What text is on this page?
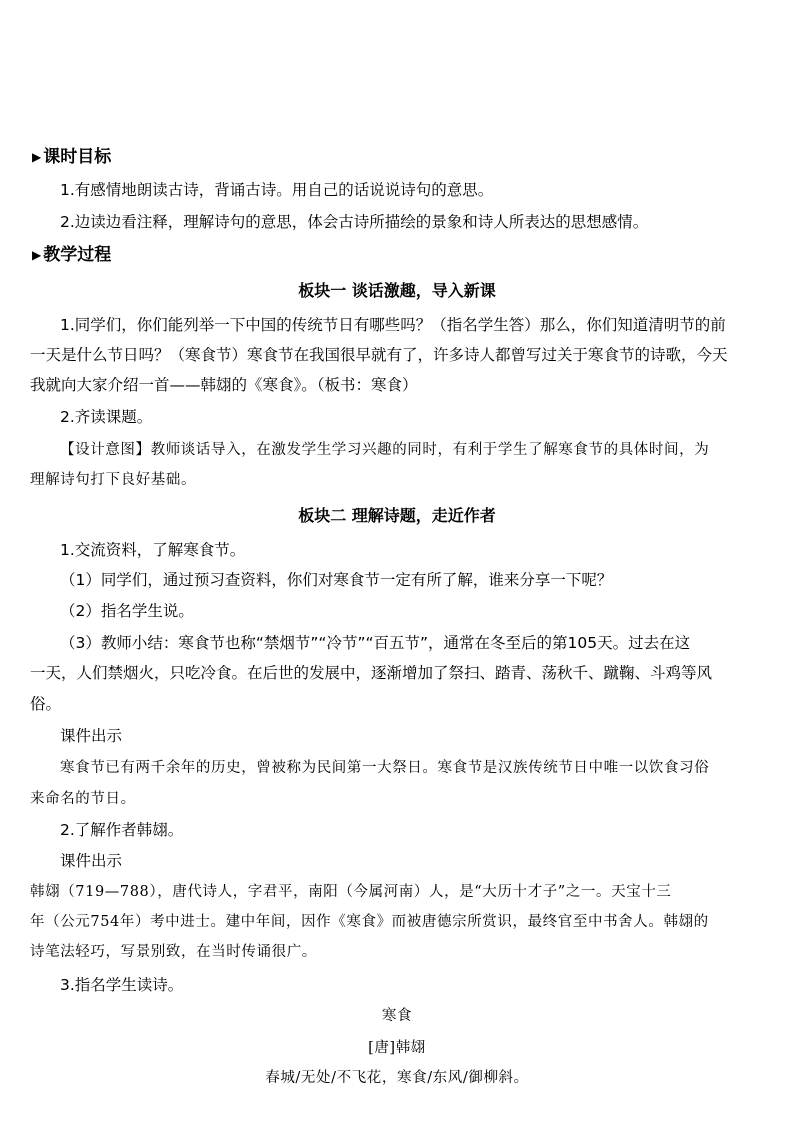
▶ 课时目标
1.有感情地朗读古诗，背诵古诗。用自己的话说说诗句的意思。
2.边读边看注释，理解诗句的意思，体会古诗所描绘的景象和诗人所表达的思想感情。
▶ 教学过程
板块一 谈话激趣，导入新课
1.同学们，你们能列举一下中国的传统节日有哪些吗？（指名学生答）那么，你们知道清明节的前
一天是什么节日吗？（寒食节）寒食节在我国很早就有了，许多诗人都曾写过关于寒食节的诗歌，今天
我就向大家介绍一首——韩翃的《寒食》。（板书：寒食）
2.齐读课题。
【设计意图】教师谈话导入，在激发学生学习兴趣的同时，有利于学生了解寒食节的具体时间，为
理解诗句打下良好基础。
板块二 理解诗题，走近作者
1.交流资料，了解寒食节。
（1）同学们，通过预习查资料，你们对寒食节一定有所了解，谁来分享一下呢？
（2）指名学生说。
（3）教师小结：寒食节也称“禁烟节”“冷节”“百五节”，通常在冬至后的第105天。过去在这
一天，人们禁烟火，只吃冷食。在后世的发展中，逐渐增加了祭扫、踏青、荡秋千、蹴鞠、斗鸡等风
俗。
课件出示
寒食节已有两千余年的历史，曾被称为民间第一大祭日。寒食节是汉族传统节日中唯一以饮食习俗
来命名的节日。
2.了解作者韩翃。
课件出示
韩翃（719—788），唐代诗人，字君平，南阳（今属河南）人，是“大历十才子”之一。天宝十三
年（公元754年）考中进士。建中年间，因作《寒食》而被唐德宗所赏识，最终官至中书舍人。韩翃的
诗笔法轻巧，写景别致，在当时传诵很广。
3.指名学生读诗。
寒食
[唐]韩翃
春城/无处/不飞花，寒食/东风/御柳斜。
